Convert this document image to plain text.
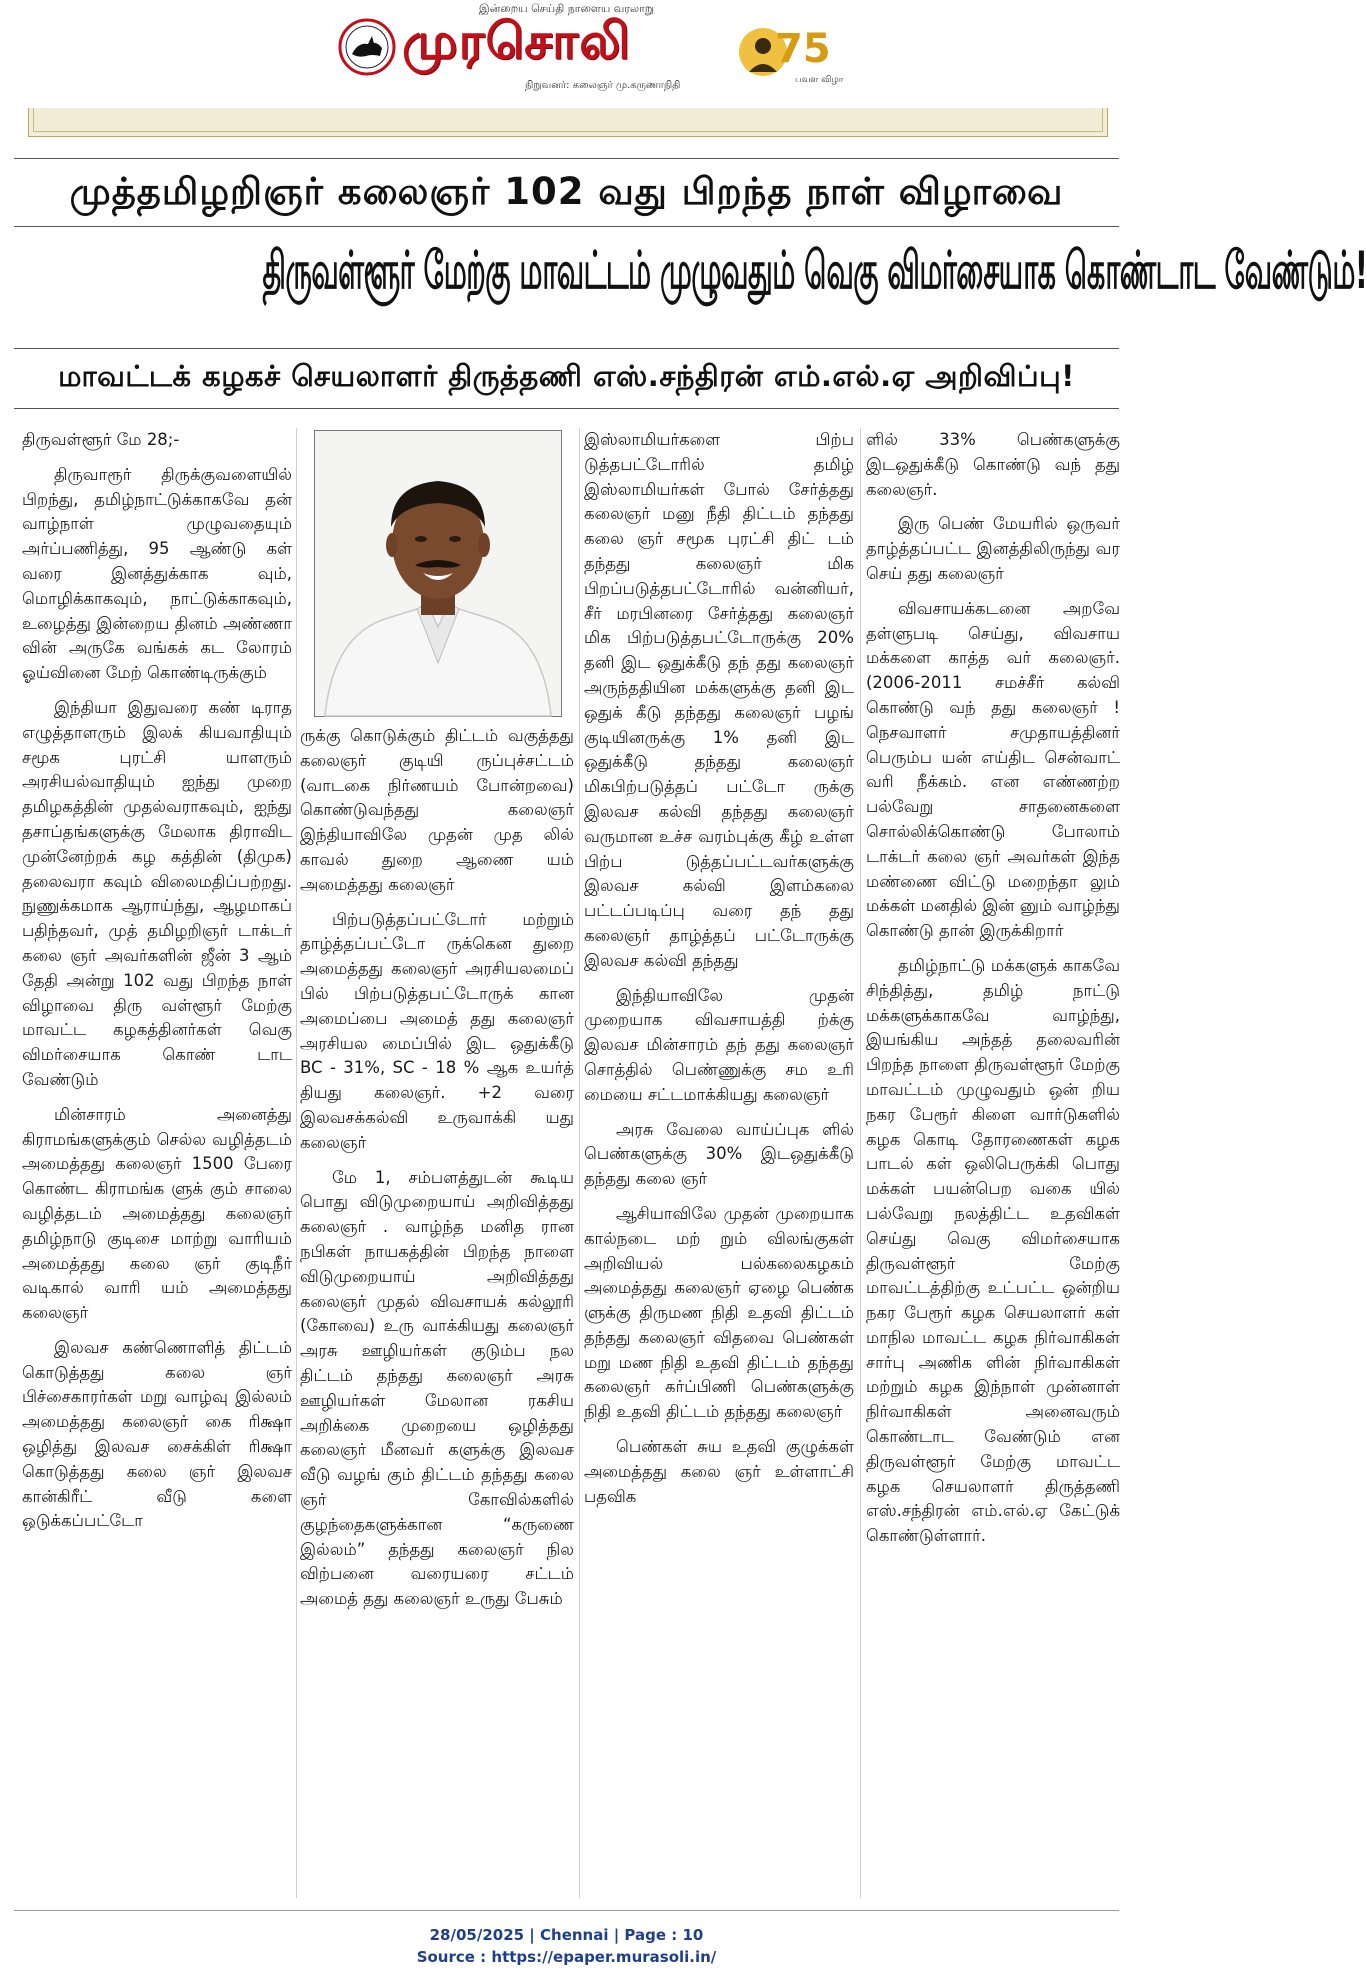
இன்றைய செய்தி நாளைய வரலாறு
முரசொலி
நிறுவனர்: கலைஞர் மு.கருணாநிதி
75
பவள விழா
முத்தமிழறிஞர் கலைஞர் 102 வது பிறந்த நாள் விழாவை
திருவள்ளூர் மேற்கு மாவட்டம் முழுவதும் வெகு விமர்சையாக கொண்டாட வேண்டும்!
மாவட்டக் கழகச் செயலாளர் திருத்தணி எஸ்.சந்திரன் எம்.எல்.ஏ அறிவிப்பு!

திருவள்ளூர் மே 28;-

திருவாரூர் திருக்குவளையில் பிறந்து, தமிழ்நாட்டுக்காகவே தன் வாழ்நாள் முழுவதையும் அர்ப்பணித்து, 95 ஆண்டு கள் வரை இனத்துக்காக வும், மொழிக்காகவும், நாட்டுக்காகவும், உழைத்து இன்றைய தினம் அண்ணா வின் அருகே வங்கக் கட லோரம் ஓய்வினை மேற் கொண்டிருக்கும்

இந்தியா இதுவரை கண் டிராத எழுத்தாளரும் இலக் கியவாதியும் சமூக புரட்சி யாளரும் அரசியல்வாதியும் ஐந்து முறை தமிழகத்தின் முதல்வராகவும், ஐந்து தசாப்தங்களுக்கு மேலாக திராவிட முன்னேற்றக் கழ கத்தின் (திமுக) தலைவரா கவும் விலைமதிப்பற்றது. நுணுக்கமாக ஆராய்ந்து, ஆழமாகப் பதிந்தவர், முத் தமிழறிஞர் டாக்டர் கலை ஞர் அவர்களின் ஜீன் 3 ஆம் தேதி அன்று 102 வது பிறந்த நாள் விழாவை திரு வள்ளூர் மேற்கு மாவட்ட கழகத்தினர்கள் வெகு விமர்சையாக கொண் டாட வேண்டும்

மின்சாரம் அனைத்து கிராமங்களுக்கும் செல்ல வழித்தடம் அமைத்தது கலைஞர் 1500 பேரை கொண்ட கிராமங்க ளுக் கும் சாலை வழித்தடம் அமைத்தது கலைஞர் தமிழ்நாடு குடிசை மாற்று வாரியம் அமைத்தது கலை ஞர் குடிநீர் வடிகால் வாரி யம் அமைத்தது கலைஞர்

இலவச கண்ணொளித் திட்டம் கொடுத்தது கலை ஞர் பிச்சைகாரர்கள் மறு வாழ்வு இல்லம் அமைத்தது கலைஞர் கை ரிக்ஷா ஒழித்து இலவச சைக்கிள் ரிக்ஷா கொடுத்தது கலை ஞர் இலவச கான்கிரீட் வீடு களை ஒடுக்கப்பட்டோ

ருக்கு கொடுக்கும் திட்டம் வகுத்தது கலைஞர் குடியி ருப்புச்சட்டம் (வாடகை நிர்ணயம் போன்றவை) கொண்டுவந்தது கலைஞர் இந்தியாவிலே முதன் முத லில் காவல் துறை ஆணை யம் அமைத்தது கலைஞர்

பிற்படுத்தப்பட்டோர் மற்றும் தாழ்த்தப்பட்டோ ருக்கென துறை அமைத்தது கலைஞர் அரசியலமைப் பில் பிற்படுத்தபட்டோருக் கான அமைப்பை அமைத் தது கலைஞர் அரசியல மைப்பில் இட ஒதுக்கீடு BC - 31%, SC - 18 % ஆக உயர்த் தியது கலைஞர். +2 வரை இலவசக்கல்வி உருவாக்கி யது கலைஞர்

மே 1, சம்பளத்துடன் கூடிய பொது விடுமுறையாய் அறிவித்தது கலைஞர் . வாழ்ந்த மனித ரான நபிகள் நாயகத்தின் பிறந்த நாளை விடுமுறையாய் அறிவித்தது கலைஞர் முதல் விவசாயக் கல்லூரி (கோவை) உரு வாக்கியது கலைஞர் அரசு ஊழியர்கள் குடும்ப நல திட்டம் தந்தது கலைஞர் அரசு ஊழியர்கள் மேலான ரகசிய அறிக்கை முறையை ஒழித்தது கலைஞர் மீனவர் களுக்கு இலவச வீடு வழங் கும் திட்டம் தந்தது கலை ஞர் கோவில்களில் குழந்தைகளுக்கான “கருணை இல்லம்” தந்தது கலைஞர் நில விற்பனை வரையரை சட்டம் அமைத் தது கலைஞர் உருது பேசும்

இஸ்லாமியர்களை பிற்ப டுத்தபட்டோரில் தமிழ் இஸ்லாமியர்கள் போல் சேர்த்தது கலைஞர் மனு நீதி திட்டம் தந்தது கலை ஞர் சமூக புரட்சி திட் டம் தந்தது கலைஞர் மிக பிறப்படுத்தபட்டோரில் வன்னியர், சீர் மரபினரை சேர்த்தது கலைஞர் மிக பிற்படுத்தபட்டோருக்கு 20% தனி இட ஒதுக்கீடு தந் தது கலைஞர் அருந்ததியின மக்களுக்கு தனி இட ஒதுக் கீடு தந்தது கலைஞர் பழங் குடியினருக்கு 1% தனி இட ஒதுக்கீடு தந்தது கலைஞர் மிகபிற்படுத்தப் பட்டோ ருக்கு இலவச கல்வி தந்தது கலைஞர் வருமான உச்ச வரம்புக்கு கீழ் உள்ள பிற்ப டுத்தப்பட்டவர்களுக்கு இலவச கல்வி இளம்கலை பட்டப்படிப்பு வரை தந் தது கலைஞர் தாழ்த்தப் பட்டோருக்கு இலவச கல்வி தந்தது

இந்தியாவிலே முதன் முறையாக விவசாயத்தி ற்க்கு இலவச மின்சாரம் தந் தது கலைஞர் சொத்தில் பெண்ணுக்கு சம உரி மையை சட்டமாக்கியது கலைஞர்

அரசு வேலை வாய்ப்புக ளில் பெண்களுக்கு 30% இடஒதுக்கீடு தந்தது கலை ஞர்

ஆசியாவிலே முதன் முறையாக கால்நடை மற் றும் விலங்குகள் அறிவியல் பல்கலைகழகம் அமைத்தது கலைஞர் ஏழை பெண்க ளுக்கு திருமண நிதி உதவி திட்டம் தந்தது கலைஞர் விதவை பெண்கள் மறு மண நிதி உதவி திட்டம் தந்தது கலைஞர் கர்ப்பிணி பெண்களுக்கு நிதி உதவி திட்டம் தந்தது கலைஞர்

பெண்கள் சுய உதவி குழுக்கள் அமைத்தது கலை ஞர் உள்ளாட்சி பதவிக

ளில் 33% பெண்களுக்கு இடஒதுக்கீடு கொண்டு வந் தது கலைஞர்.

இரு பெண் மேயரில் ஒருவர் தாழ்த்தப்பட்ட இனத்திலிருந்து வர செய் தது கலைஞர்

விவசாயக்கடனை அறவே தள்ளுபடி செய்து, விவசாய மக்களை காத்த வர் கலைஞர். (2006-2011 சமச்சீர் கல்வி கொண்டு வந் தது கலைஞர் ! நெசவாளர் சமுதாயத்தினர் பெரும்ப யன் எய்திட சென்வாட் வரி நீக்கம். என எண்ணற்ற பல்வேறு சாதனைகளை சொல்லிக்கொண்டு போலாம் டாக்டர் கலை ஞர் அவர்கள் இந்த மண்ணை விட்டு மறைந்தா லும் மக்கள் மனதில் இன் னும் வாழ்ந்து கொண்டு தான் இருக்கிறார்

தமிழ்நாட்டு மக்களுக் காகவே சிந்தித்து, தமிழ் நாட்டு மக்களுக்காகவே வாழ்ந்து, இயங்கிய அந்தத் தலைவரின் பிறந்த நாளை திருவள்ளூர் மேற்கு மாவட்டம் முழுவதும் ஒன் றிய நகர பேரூர் கிளை வார்டுகளில் கழக கொடி தோரணைகள் கழக பாடல் கள் ஒலிபெருக்கி பொது மக்கள் பயன்பெற வகை யில் பல்வேறு நலத்திட்ட உதவிகள் செய்து வெகு விமர்சையாக திருவள்ளூர் மேற்கு மாவட்டத்திற்கு உட்பட்ட ஒன்றிய நகர பேரூர் கழக செயலாளர் கள் மாநில மாவட்ட கழக நிர்வாகிகள் சார்பு அணிக ளின் நிர்வாகிகள் மற்றும் கழக இந்நாள் முன்னாள் நிர்வாகிகள் அனைவரும் கொண்டாட வேண்டும் என திருவள்ளூர் மேற்கு மாவட்ட கழக செயலாளர் திருத்தணி எஸ்.சந்திரன் எம்.எல்.ஏ கேட்டுக் கொண்டுள்ளார்.

28/05/2025 | Chennai | Page : 10
Source : https://epaper.murasoli.in/
